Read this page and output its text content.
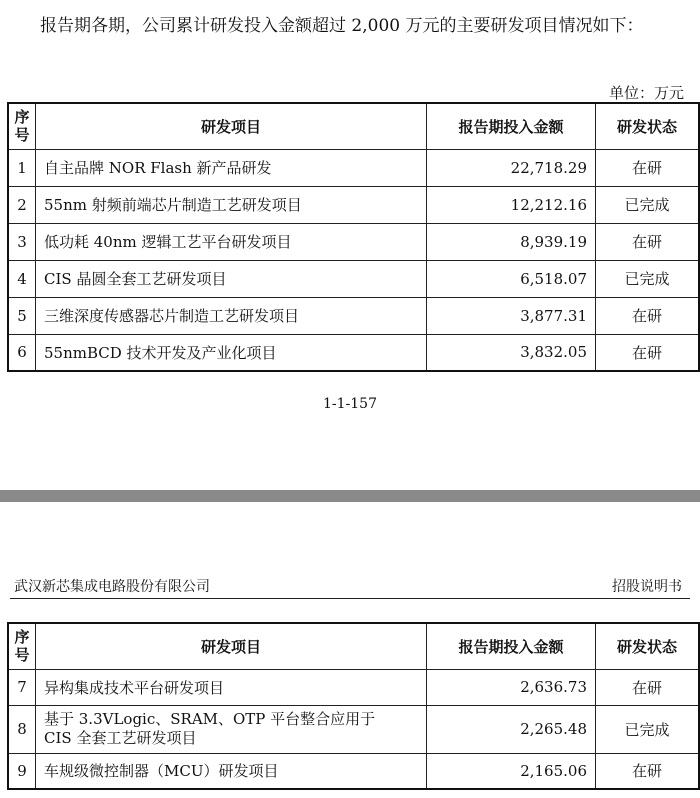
报告期各期，公司累计研发投入金额超过 2,000 万元的主要研发项目情况如下：

单位：万元
序
号	研发项目	报告期投入金额	研发状态
1	自主品牌 NOR Flash 新产品研发	22,718.29	在研
2	55nm 射频前端芯片制造工艺研发项目	12,212.16	已完成
3	低功耗 40nm 逻辑工艺平台研发项目	8,939.19	在研
4	CIS 晶圆全套工艺研发项目	6,518.07	已完成
5	三维深度传感器芯片制造工艺研发项目	3,877.31	在研
6	55nmBCD 技术开发及产业化项目	3,832.05	在研
1-1-157
武汉新芯集成电路股份有限公司	招股说明书
序
号	研发项目	报告期投入金额	研发状态
7	异构集成技术平台研发项目	2,636.73	在研
8	基于 3.3VLogic、SRAM、OTP 平台整合应用于
CIS 全套工艺研发项目	2,265.48	已完成
9	车规级微控制器（MCU）研发项目	2,165.06	在研
